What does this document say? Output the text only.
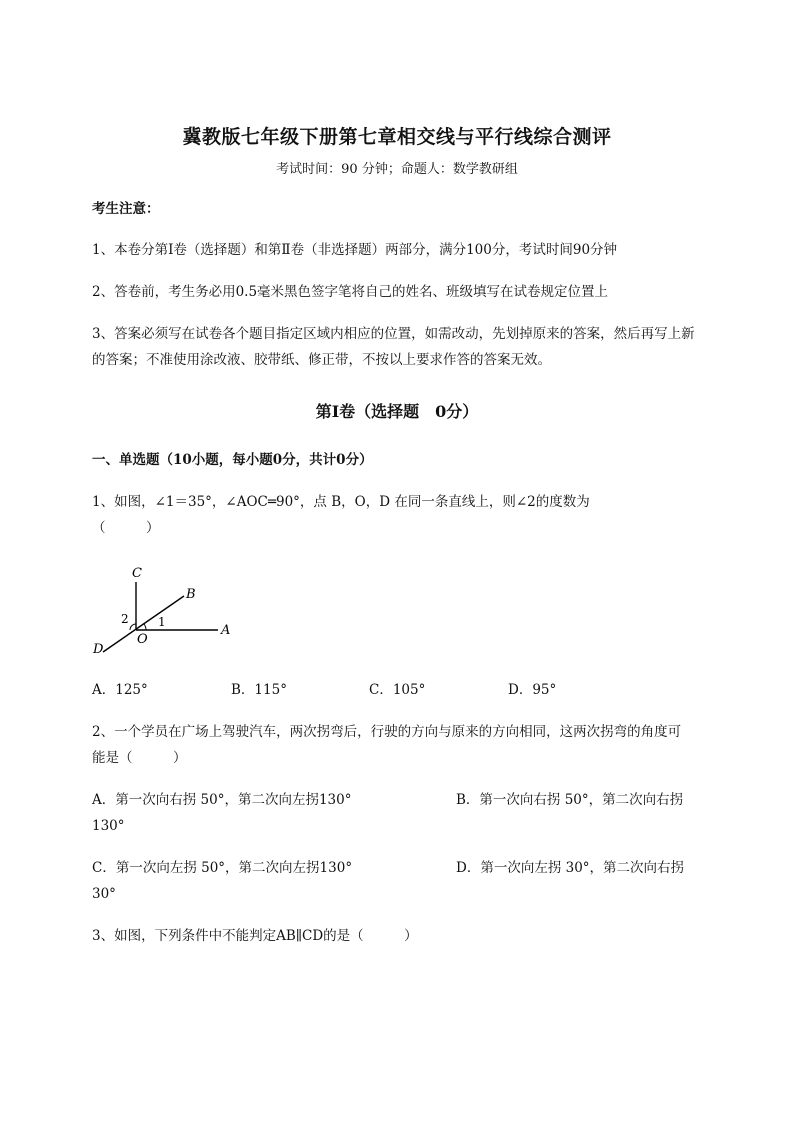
冀教版七年级下册第七章相交线与平行线综合测评
考试时间：90 分钟；命题人：数学教研组
考生注意：
1、本卷分第Ⅰ卷（选择题）和第Ⅱ卷（非选择题）两部分，满分100分，考试时间90分钟
2、答卷前，考生务必用0.5毫米黑色签字笔将自己的姓名、班级填写在试卷规定位置上
3、答案必须写在试卷各个题目指定区域内相应的位置，如需改动，先划掉原来的答案，然后再写上新
的答案；不准使用涂改液、胶带纸、修正带，不按以上要求作答的答案无效。
第Ⅰ卷（选择题　0分）
一、单选题（10小题，每小题0分，共计0分）
1、如图，∠1＝35°，∠AOC═90°，点 B，O，D 在同一条直线上，则∠2的度数为
（　　　）
C
B
A
D
O
1
2
A．125°	B．115°	C．105°	D．95°
2、一个学员在广场上驾驶汽车，两次拐弯后，行驶的方向与原来的方向相同，这两次拐弯的角度可
能是（　　　）
A．第一次向右拐 50°，第二次向左拐130°	B．第一次向右拐 50°，第二次向右拐
130°
C．第一次向左拐 50°，第二次向左拐130°	D．第一次向左拐 30°，第二次向右拐
30°
3、如图，下列条件中不能判定AB∥CD的是（　　　）
